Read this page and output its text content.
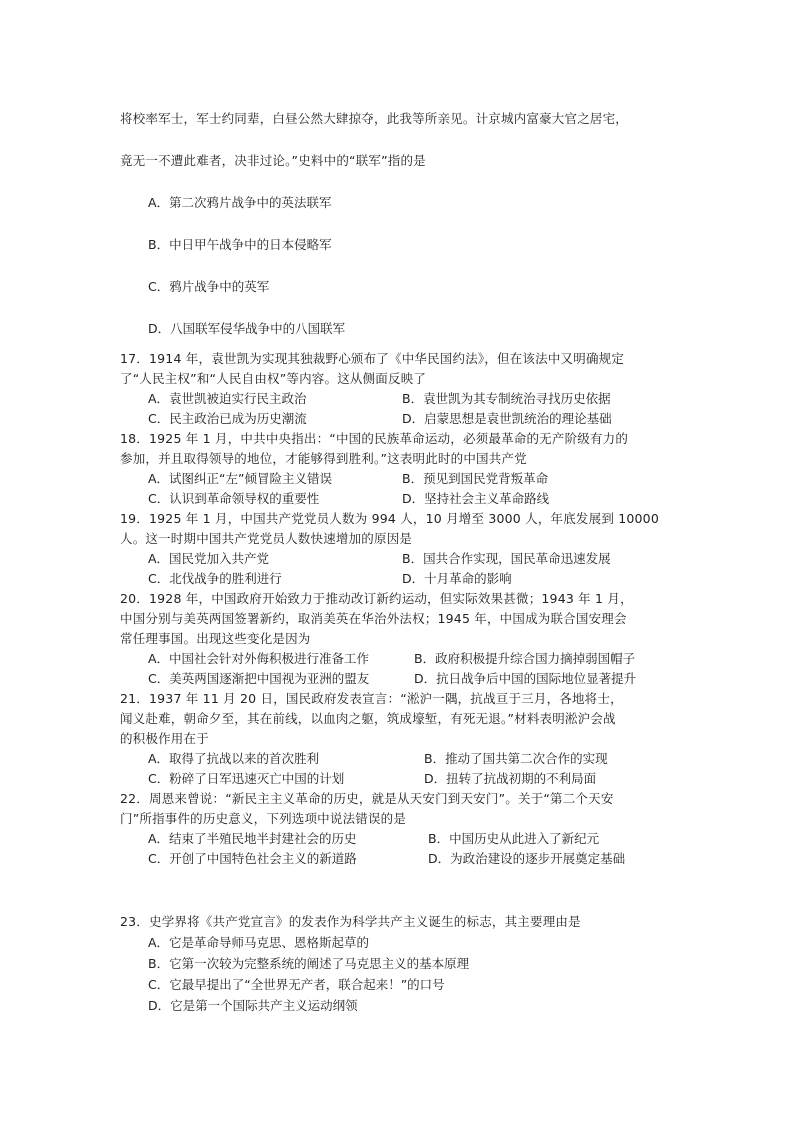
将校率军士，军士约同辈，白昼公然大肆掠夺，此我等所亲见。计京城内富豪大官之居宅，
竟无一不遭此难者，决非过论。”史料中的“联军”指的是
A．第二次鸦片战争中的英法联军
B．中日甲午战争中的日本侵略军
C．鸦片战争中的英军
D．八国联军侵华战争中的八国联军
17．1914 年，袁世凯为实现其独裁野心颁布了《中华民国约法》，但在该法中又明确规定
了“人民主权”和“人民自由权”等内容。这从侧面反映了
A．袁世凯被迫实行民主政治	B．袁世凯为其专制统治寻找历史依据
C．民主政治已成为历史潮流	D．启蒙思想是袁世凯统治的理论基础
18．1925 年 1 月，中共中央指出：“中国的民族革命运动，必须最革命的无产阶级有力的
参加，并且取得领导的地位，才能够得到胜利。”这表明此时的中国共产党
A．试图纠正“左”倾冒险主义错误	B．预见到国民党背叛革命
C．认识到革命领导权的重要性	D．坚持社会主义革命路线
19．1925 年 1 月，中国共产党党员人数为 994 人，10 月增至 3000 人，年底发展到 10000
人。这一时期中国共产党党员人数快速增加的原因是
A．国民党加入共产党	B．国共合作实现，国民革命迅速发展
C．北伐战争的胜利进行	D．十月革命的影响
20．1928 年，中国政府开始致力于推动改订新约运动，但实际效果甚微；1943 年 1 月，
中国分别与美英两国签署新约，取消美英在华治外法权；1945 年，中国成为联合国安理会
常任理事国。出现这些变化是因为
A．中国社会针对外侮积极进行准备工作	B．政府积极提升综合国力摘掉弱国帽子
C．美英两国逐渐把中国视为亚洲的盟友	D．抗日战争后中国的国际地位显著提升
21．1937 年 11 月 20 日，国民政府发表宣言：“淞沪一隅，抗战亘于三月，各地将士，
闻义赴难，朝命夕至，其在前线，以血肉之躯，筑成壕堑，有死无退。”材料表明淞沪会战
的积极作用在于
A．取得了抗战以来的首次胜利	B．推动了国共第二次合作的实现
C．粉碎了日军迅速灭亡中国的计划	D．扭转了抗战初期的不利局面
22．周恩来曾说：“新民主主义革命的历史，就是从天安门到天安门”。关于“第二个天安
门”所指事件的历史意义，下列选项中说法错误的是
A．结束了半殖民地半封建社会的历史	B．中国历史从此进入了新纪元
C．开创了中国特色社会主义的新道路	D．为政治建设的逐步开展奠定基础
23．史学界将《共产党宣言》的发表作为科学共产主义诞生的标志，其主要理由是
A．它是革命导师马克思、恩格斯起草的
B．它第一次较为完整系统的阐述了马克思主义的基本原理
C．它最早提出了“全世界无产者，联合起来！”的口号
D．它是第一个国际共产主义运动纲领
